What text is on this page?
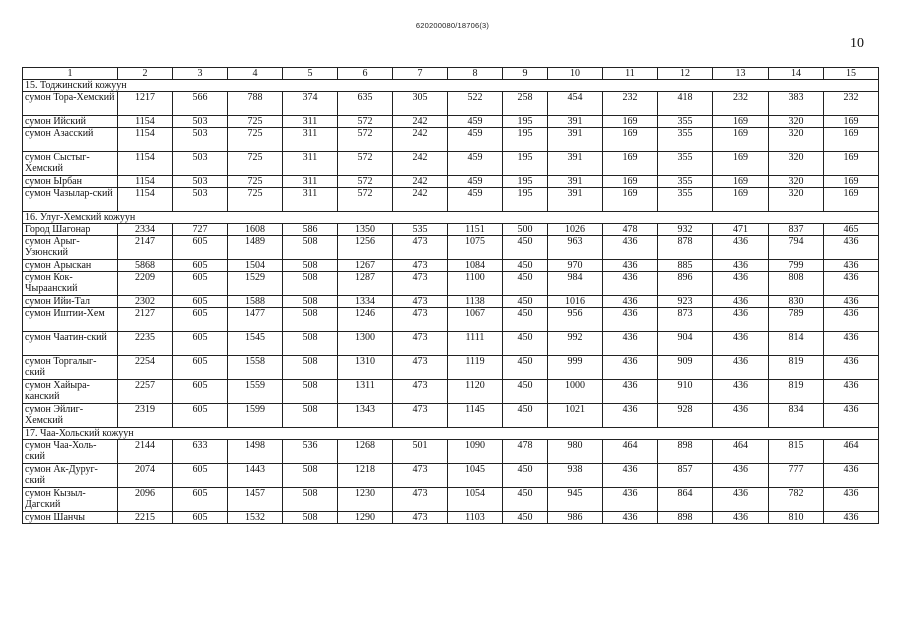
620200080/18706(3)
10
1	2	3	4	5	6	7	8	9	10	11	12	13	14	15
15. Тоджинский кожуун														
сумон Тора-Хемский	1217	566	788	374	635	305	522	258	454	232	418	232	383	232
сумон Ийский	1154	503	725	311	572	242	459	195	391	169	355	169	320	169
сумон Азасский	1154	503	725	311	572	242	459	195	391	169	355	169	320	169
сумон Сыстыг-Хемский	1154	503	725	311	572	242	459	195	391	169	355	169	320	169
сумон Ырбан	1154	503	725	311	572	242	459	195	391	169	355	169	320	169
сумон Чазылар-ский	1154	503	725	311	572	242	459	195	391	169	355	169	320	169
16. Улуг-Хемский кожуун														
Город Шагонар	2334	727	1608	586	1350	535	1151	500	1026	478	932	471	837	465
сумон Арыг-Узюнский	2147	605	1489	508	1256	473	1075	450	963	436	878	436	794	436
сумон Арыскан	5868	605	1504	508	1267	473	1084	450	970	436	885	436	799	436
сумон Кок-Чыраанский	2209	605	1529	508	1287	473	1100	450	984	436	896	436	808	436
сумон Ийи-Тал	2302	605	1588	508	1334	473	1138	450	1016	436	923	436	830	436
сумон Иштии-Хем	2127	605	1477	508	1246	473	1067	450	956	436	873	436	789	436
сумон Чаатин-ский	2235	605	1545	508	1300	473	1111	450	992	436	904	436	814	436
сумон Торгалыг-ский	2254	605	1558	508	1310	473	1119	450	999	436	909	436	819	436
сумон Хайыра-канский	2257	605	1559	508	1311	473	1120	450	1000	436	910	436	819	436
сумон Эйлиг-Хемский	2319	605	1599	508	1343	473	1145	450	1021	436	928	436	834	436
17. Чаа-Хольский кожуун														
сумон Чаа-Холь-ский	2144	633	1498	536	1268	501	1090	478	980	464	898	464	815	464
сумон Ак-Дуруг-ский	2074	605	1443	508	1218	473	1045	450	938	436	857	436	777	436
сумон Кызыл-Дагский	2096	605	1457	508	1230	473	1054	450	945	436	864	436	782	436
сумон Шанчы	2215	605	1532	508	1290	473	1103	450	986	436	898	436	810	436
